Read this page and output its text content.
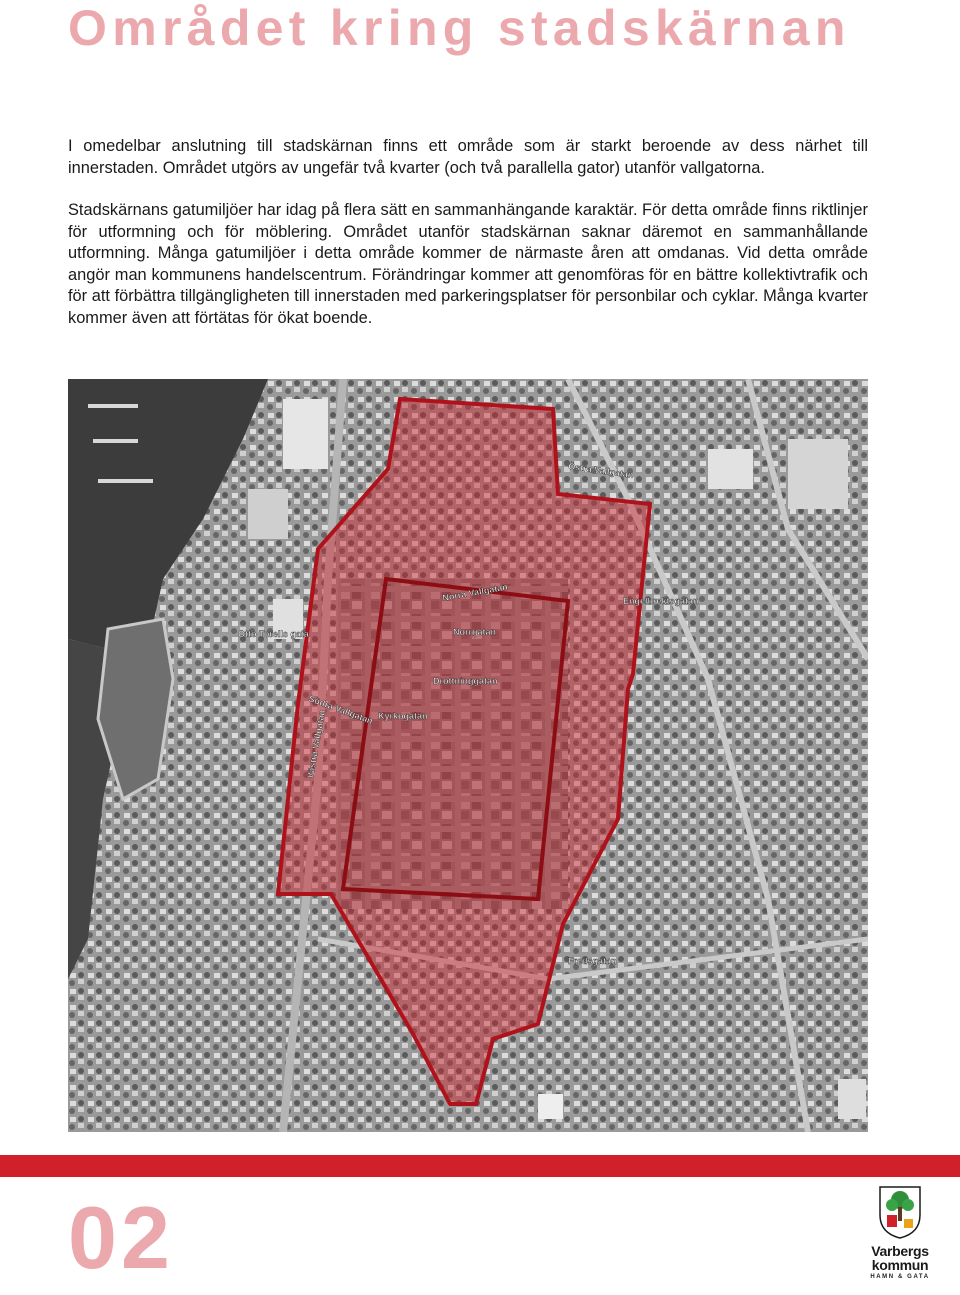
Området kring stadskärnan

I omedelbar anslutning till stadskärnan finns ett område som är starkt beroende av dess närhet till innerstaden. Området utgörs av ungefär två kvarter (och två parallella gator) utanför vallgatorna.

Stadskärnans gatumiljöer har idag på flera sätt en sammanhängande karaktär. För detta område finns riktlinjer för utformning och för möblering. Området utanför stadskärnan saknar däremot en sammanhållande utformning. Många gatumiljöer i detta område kommer de närmaste åren att omdanas. Vid detta område angör man kommunens handelscentrum. Förändringar kommer att genomföras för en bättre kollektivtrafik och för att förbättra tillgängligheten till innerstaden med parkeringsplatser för personbilar och cyklar. Många kvarter kommer även att förtätas för ökat boende.

Otto Torells gata
Södra Vallgatan
Norra Vallgatan
Norrgatan
Kyrkogatan
Drottninggatan
Östra Vallgatan
Engelbrektsgatan
Fredsgatan
Västra Vallgatan
02	Varbergs
kommun
HAMN & GATA
